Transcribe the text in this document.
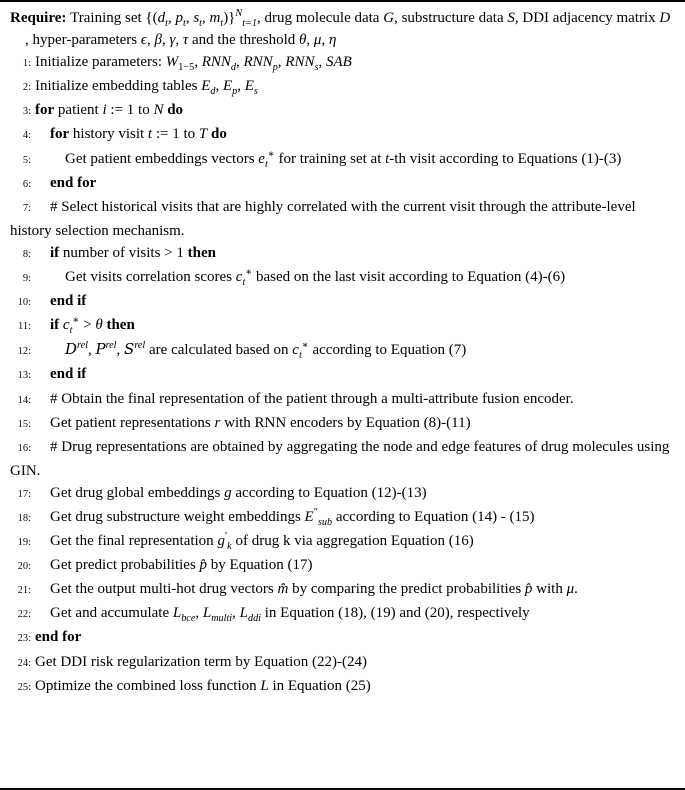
Require: Training set {($d_t$, $p_t$, $s_t$, $m_t)\}^N_{t=1}$, drug molecule data G, substructure data S, DDI adjacency matrix D , hyper-parameters ϵ, β, γ, τ and the threshold θ, μ, η
1: Initialize parameters: $W_{1-5}$, $RNN_d$, $RNN_p$, $RNN_s$, SAB
2: Initialize embedding tables $E_d$, $E_p$, $E_s$
3: for patient i := 1 to N do
4: for history visit t := 1 to T do
5: Get patient embeddings vectors $e_t^∗$ for training set at t-th visit according to Equations (1)-(3)
6: end for
7: # Select historical visits that are highly correlated with the current visit through the attribute-level history selection mechanism.
8: if number of visits > 1 then
9: Get visits correlation scores $c_t^∗$ based on the last visit according to Equation (4)-(6)
10: end if
11: if $c_t^∗ > \theta$ then
12: $D^{rel}$, $P^{rel}$, $S^{rel}$ are calculated based on $c_t^∗$ according to Equation (7)
13: end if
14: # Obtain the final representation of the patient through a multi-attribute fusion encoder.
15: Get patient representations r with RNN encoders by Equation (8)-(11)
16: # Drug representations are obtained by aggregating the node and edge features of drug molecules using GIN.
17: Get drug global embeddings g according to Equation (12)-(13)
18: Get drug substructure weight embeddings $E''_{sub}$ according to Equation (14) - (15)
19: Get the final representation $g'_k$ of drug k via aggregation Equation (16)
20: Get predict probabilities p̂ by Equation (17)
21: Get the output multi-hot drug vectors m̂ by comparing the predict probabilities p̂ with μ.
22: Get and accumulate $L_{bce}$, $L_{multi}$, $L_{ddi}$ in Equation (18), (19) and (20), respectively
23: end for
24: Get DDI risk regularization term by Equation (22)-(24)
25: Optimize the combined loss function L in Equation (25)
